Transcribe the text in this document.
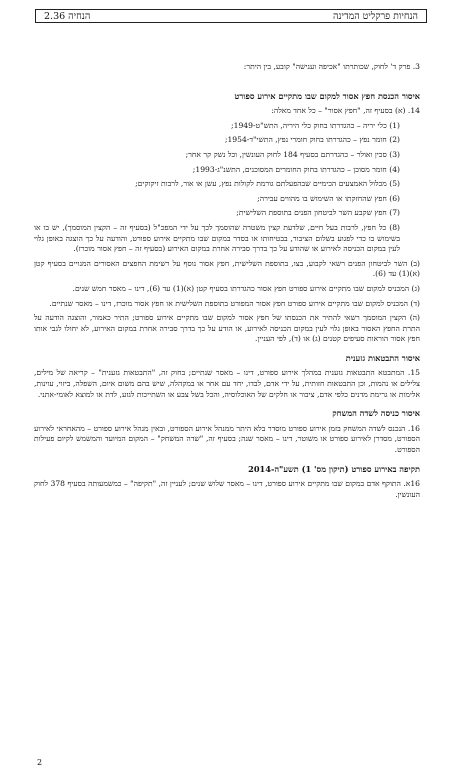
הנחיות פרקליט המדינה
הנחיה 2.36
3. פרק ד' לחוק, שכותרתו "אכיפה וענישה" קובע, בין היתר:
איסור הכנסת חפץ אסור למקום שבו מתקיים אירוע ספורט
14. (א) בסעיף זה, "חפץ אסור" – כל אחד מאלה:
(1) כלי יריה – כהגדרתו בחוק כלי היריה, התש"ט-1949;
(2) חומר נפץ – כהגדרתו בחוק חומרי נפץ, התשי"ד-1954;
(3) סכין ואולר – כהגדרתם בסעיף 184 לחוק העונשין, וכל נשק קר אחר;
(4) חומר מסוכן – כהגדרתו בחוק החומרים המסוכנים, התשנ"ג-1993;
(5) מכלול האמצעים הכימיים שבהפעלתם גורמת לקולות נפץ, עשן או אור, לרבות זיקוקים;
(6) חפץ שהחזקתו או השימוש בו מהווים עבירה;
(7) חפץ שקבע השר לביטחון הפנים בתוספת השלישית;
(8) כל חפץ, לרבות בעל חיים, שלדעת קצין משטרה שהוסמך לכך על ידי המפכ"ל (בסעיף זה – הקצין המוסמך), יש בו או בשימוש בו כדי לפגוע בשלום הציבור, בבטיחותו או בסדר במקום שבו מתקיים אירוע ספורט, והודעה על כך הוצגה באופן גלוי לעין במקום הכניסה לאירוע או שהודע על כך בדרך סבירה אחרת במקום האירוע (בסעיף זה – חפץ אסור מוכרז).
(ב) השר לביטחון הפנים רשאי לקבוע, בצו, בתוספת השלישית, חפץ אסור נוסף על רשימת החפצים האסורים המנויים בסעיף קטן (א)(1) עד (6).
(ג) המכניס למקום שבו מתקיים אירוע ספורט חפץ אסור כהגדרתו בסעיף קטן (א)(1) עד (6), דינו – מאסר חמש שנים.
(ד) המכניס למקום שבו מתקיים אירוע ספורט חפץ אסור המפורט בתוספת השלישית או חפץ אסור מוכרז, דינו – מאסר שנתיים.
(ה) הקצין המוסמך רשאי להתיר את הכנסתו של חפץ אסור למקום שבו מתקיים אירוע ספורט; התיר כאמור, והוצגה הודעה על התרת החפץ האסור באופן גלוי לעין במקום הכניסה לאירוע, או הודע על כך בדרך סבירה אחרת במקום האירוע, לא יחולו לגבי אותו חפץ אסור הוראות סעיפים קטנים (ג) או (ד), לפי העניין.
איסור התבטאות גזענית
15. המתבטא התבטאות גזענית במהלך אירוע ספורט, דינו – מאסר שנתיים; בחוק זה, "התבטאות גזענית" – קריאה של מילים, צלילים או נהמות, וכן התבטאות חזותית, על ידי אדם, לבדו, יחד עם אחר או במקהלה, שיש בהם משום איום, השפלה, ביזוי, עוינות, אלימות או גרימת מדנים כלפי אדם, ציבור או חלקים של האוכלוסיה, והכל בשל צבע או השתייכות לגזע, לדת או למוצא לאומי-אתני.
איסור כניסה לשדה המשחק
16. הנכנס לשדה המשחק בזמן אירוע ספורט מוסדר בלא היתר ממנהל אירוע הספורט, ובאין מנהל אירוע ספורט – מהאחראי לאירוע הספורט, מסדרן לאירוע ספורט או משוטר, דינו – מאסר שנה; בסעיף זה, "שדה המשחק" – המקום המיועד והמשמש לקיום פעילות הספורט.
תקיפה באירוע ספורט (תיקון מס' 1) תשע"ה-2014
16א. התוקף אדם במקום שבו מתקיים אירוע ספורט, דינו – מאסר שלוש שנים; לעניין זה, "תקיפה" – כמשמעותה בסעיף 378 לחוק העונשין.
2
